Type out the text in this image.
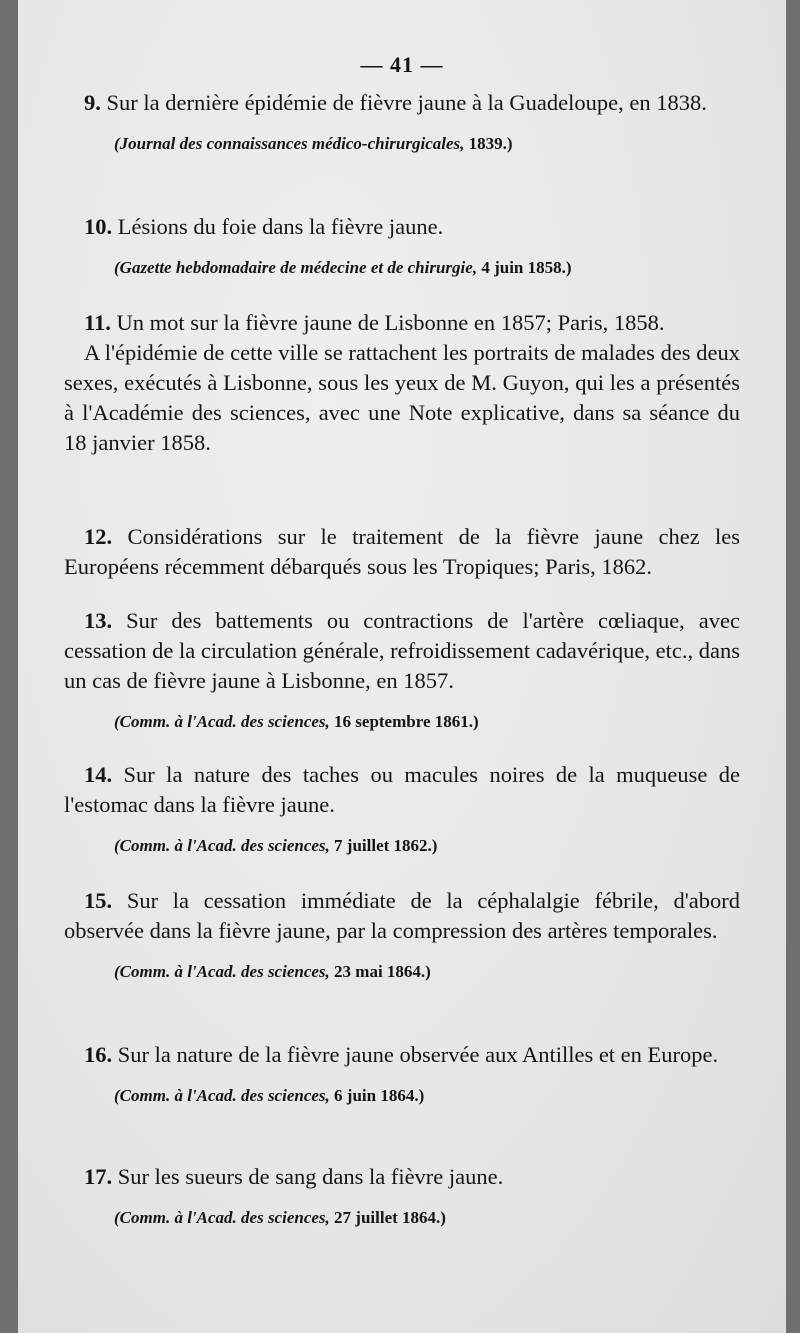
— 41 —

9. Sur la dernière épidémie de fièvre jaune à la Guadeloupe, en 1838.

(Journal des connaissances médico-chirurgicales, 1839.)

10. Lésions du foie dans la fièvre jaune.

(Gazette hebdomadaire de médecine et de chirurgie, 4 juin 1858.)

11. Un mot sur la fièvre jaune de Lisbonne en 1857; Paris, 1858.

A l'épidémie de cette ville se rattachent les portraits de malades des deux sexes, exécutés à Lisbonne, sous les yeux de M. Guyon, qui les a présentés à l'Académie des sciences, avec une Note explicative, dans sa séance du 18 janvier 1858.

12. Considérations sur le traitement de la fièvre jaune chez les Européens récemment débarqués sous les Tropiques; Paris, 1862.

13. Sur des battements ou contractions de l'artère cœliaque, avec cessation de la circulation générale, refroidissement cadavérique, etc., dans un cas de fièvre jaune à Lisbonne, en 1857.

(Comm. à l'Acad. des sciences, 16 septembre 1861.)

14. Sur la nature des taches ou macules noires de la muqueuse de l'estomac dans la fièvre jaune.

(Comm. à l'Acad. des sciences, 7 juillet 1862.)

15. Sur la cessation immédiate de la céphalalgie fébrile, d'abord observée dans la fièvre jaune, par la compression des artères temporales.

(Comm. à l'Acad. des sciences, 23 mai 1864.)

16. Sur la nature de la fièvre jaune observée aux Antilles et en Europe.

(Comm. à l'Acad. des sciences, 6 juin 1864.)

17. Sur les sueurs de sang dans la fièvre jaune.

(Comm. à l'Acad. des sciences, 27 juillet 1864.)
